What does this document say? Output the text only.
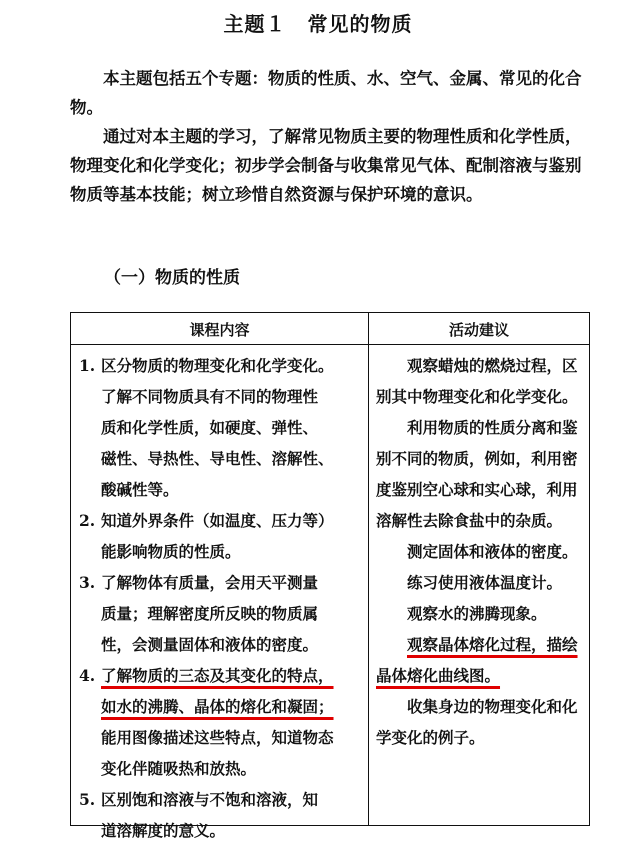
主题１　常见的物质
本主题包括五个专题：物质的性质、水、空气、金属、常见的化合物。
通过对本主题的学习，了解常见物质主要的物理性质和化学性质，物理变化和化学变化；初步学会制备与收集常见气体、配制溶液与鉴别物质等基本技能；树立珍惜自然资源与保护环境的意识。
（一）物质的性质
课程内容	活动建议
1. 区分物质的物理变化和化学变化。
了解不同物质具有不同的物理性
质和化学性质，如硬度、弹性、
磁性、导热性、导电性、溶解性、
酸碱性等。
2. 知道外界条件（如温度、压力等）
能影响物质的性质。
3. 了解物体有质量，会用天平测量
质量；理解密度所反映的物质属
性，会测量固体和液体的密度。
4. 了解物质的三态及其变化的特点，
如水的沸腾、晶体的熔化和凝固；
能用图像描述这些特点，知道物态
变化伴随吸热和放热。
5. 区别饱和溶液与不饱和溶液，知
道溶解度的意义。
观察蜡烛的燃烧过程，区别其中物理变化和化学变化。
利用物质的性质分离和鉴别不同的物质，例如，利用密度鉴别空心球和实心球，利用溶解性去除食盐中的杂质。
测定固体和液体的密度。
练习使用液体温度计。
观察水的沸腾现象。
观察晶体熔化过程，描绘晶体熔化曲线图。
收集身边的物理变化和化学变化的例子。
